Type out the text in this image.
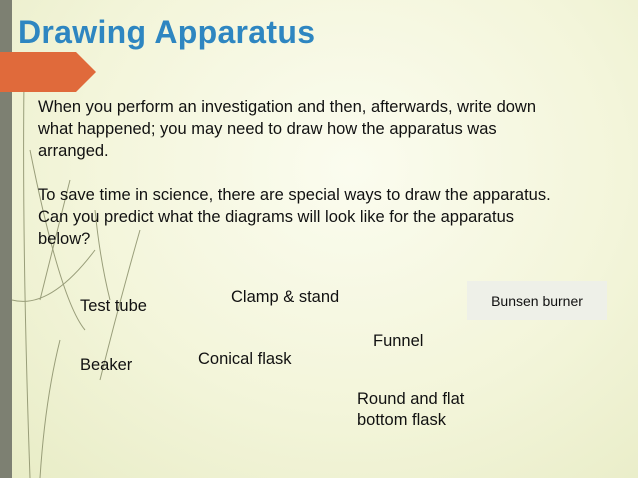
Drawing Apparatus

When you perform an investigation and then, afterwards, write down what happened; you may need to draw how the apparatus was arranged.

To save time in science, there are special ways to draw the apparatus. Can you predict what the diagrams will look like for the apparatus below?

Test tube	Clamp & stand	Bunsen burner
Funnel
Beaker	Conical flask
Round and flat bottom flask
